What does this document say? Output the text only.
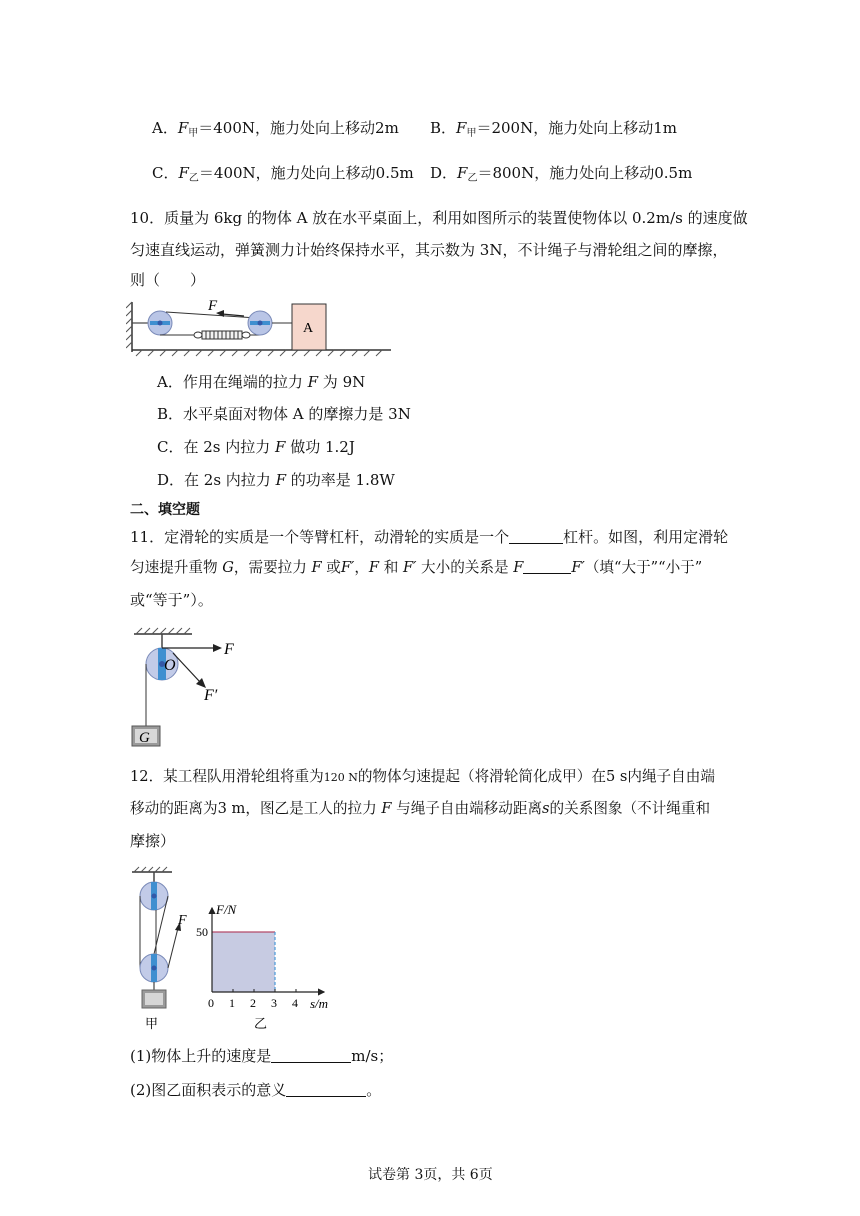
A．$F_甲=400N$，施力处向上移动2m B．$F_甲=200N$，施力处向上移动1m
C．$F_乙=400N$，施力处向上移动0.5m D．$F_乙=800N$，施力处向上移动0.5m
10．质量为 6kg 的物体 A 放在水平桌面上，利用如图所示的装置使物体以 0.2m/s 的速度做
匀速直线运动，弹簧测力计始终保持水平，其示数为 3N，不计绳子与滑轮组之间的摩擦，
则（　　）
F
A
A．作用在绳端的拉力 F 为 9N
B．水平桌面对物体 A 的摩擦力是 3N
C．在 2s 内拉力 F 做功 1.2J
D．在 2s 内拉力 F 的功率是 1.8W
二、填空题
11．定滑轮的实质是一个等臂杠杆，动滑轮的实质是一个	杠杆。如图，利用定滑轮
匀速提升重物 G，需要拉力 F 或F′，F 和 F′ 大小的关系是 F	F′（填“大于”“小于”
或“等于”）。
O
G
F
F′
12．某工程队用滑轮组将重为120 N的物体匀速提起（将滑轮简化成甲）在5 s内绳子自由端
移动的距离为3 m，图乙是工人的拉力 F 与绳子自由端移动距离s的关系图象（不计绳重和
摩擦）
F
甲
F/N
s/m
0 1 2 3 4
50
乙
(1)物体上升的速度是	m/s；
(2)图乙面积表示的意义	。
试卷第 3页，共 6页
